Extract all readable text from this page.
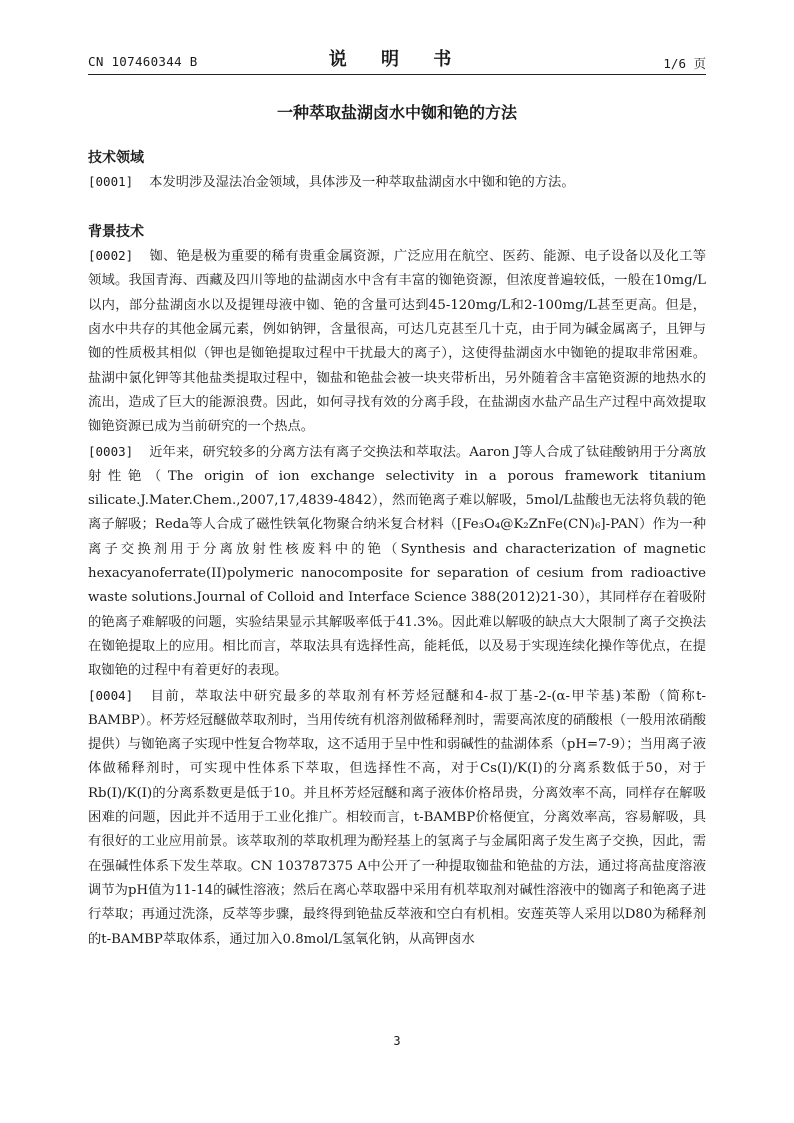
CN 107460344 B	说 明 书	1/6 页
一种萃取盐湖卤水中铷和铯的方法
技术领域

[0001] 本发明涉及湿法冶金领域，具体涉及一种萃取盐湖卤水中铷和铯的方法。

背景技术

[0002] 铷、铯是极为重要的稀有贵重金属资源，广泛应用在航空、医药、能源、电子设备以及化工等领域。我国青海、西藏及四川等地的盐湖卤水中含有丰富的铷铯资源，但浓度普遍较低，一般在10mg/L以内，部分盐湖卤水以及提锂母液中铷、铯的含量可达到45-120mg/L和2-100mg/L甚至更高。但是，卤水中共存的其他金属元素，例如钠钾，含量很高，可达几克甚至几十克，由于同为碱金属离子，且钾与铷的性质极其相似（钾也是铷铯提取过程中干扰最大的离子），这使得盐湖卤水中铷铯的提取非常困难。盐湖中氯化钾等其他盐类提取过程中，铷盐和铯盐会被一块夹带析出，另外随着含丰富铯资源的地热水的流出，造成了巨大的能源浪费。因此，如何寻找有效的分离手段，在盐湖卤水盐产品生产过程中高效提取铷铯资源已成为当前研究的一个热点。

[0003] 近年来，研究较多的分离方法有离子交换法和萃取法。Aaron J等人合成了钛硅酸钠用于分离放射性铯（The origin of ion exchange selectivity in a porous framework titanium silicate.J.Mater.Chem.,2007,17,4839-4842），然而铯离子难以解吸，5mol/L盐酸也无法将负载的铯离子解吸；Reda等人合成了磁性铁氧化物聚合纳米复合材料（[Fe₃O₄@K₂ZnFe(CN)₆]-PAN）作为一种离子交换剂用于分离放射性核废料中的铯（Synthesis and characterization of magnetic hexacyanoferrate(II)polymeric nanocomposite for separation of cesium from radioactive waste solutions.Journal of Colloid and Interface Science 388(2012)21-30），其同样存在着吸附的铯离子难解吸的问题，实验结果显示其解吸率低于41.3%。因此难以解吸的缺点大大限制了离子交换法在铷铯提取上的应用。相比而言，萃取法具有选择性高，能耗低，以及易于实现连续化操作等优点，在提取铷铯的过程中有着更好的表现。

[0004] 目前，萃取法中研究最多的萃取剂有杯芳烃冠醚和4-叔丁基-2-(α-甲苄基)苯酚（简称t-BAMBP）。杯芳烃冠醚做萃取剂时，当用传统有机溶剂做稀释剂时，需要高浓度的硝酸根（一般用浓硝酸提供）与铷铯离子实现中性复合物萃取，这不适用于呈中性和弱碱性的盐湖体系（pH=7-9）；当用离子液体做稀释剂时，可实现中性体系下萃取，但选择性不高，对于Cs(I)/K(I)的分离系数低于50，对于Rb(I)/K(I)的分离系数更是低于10。并且杯芳烃冠醚和离子液体价格昂贵，分离效率不高，同样存在解吸困难的问题，因此并不适用于工业化推广。相较而言，t-BAMBP价格便宜，分离效率高，容易解吸，具有很好的工业应用前景。该萃取剂的萃取机理为酚羟基上的氢离子与金属阳离子发生离子交换，因此，需在强碱性体系下发生萃取。CN 103787375 A中公开了一种提取铷盐和铯盐的方法，通过将高盐度溶液调节为pH值为11-14的碱性溶液；然后在离心萃取器中采用有机萃取剂对碱性溶液中的铷离子和铯离子进行萃取；再通过洗涤，反萃等步骤，最终得到铯盐反萃液和空白有机相。安莲英等人采用以D80为稀释剂的t-BAMBP萃取体系，通过加入0.8mol/L氢氧化钠，从高钾卤水

3
